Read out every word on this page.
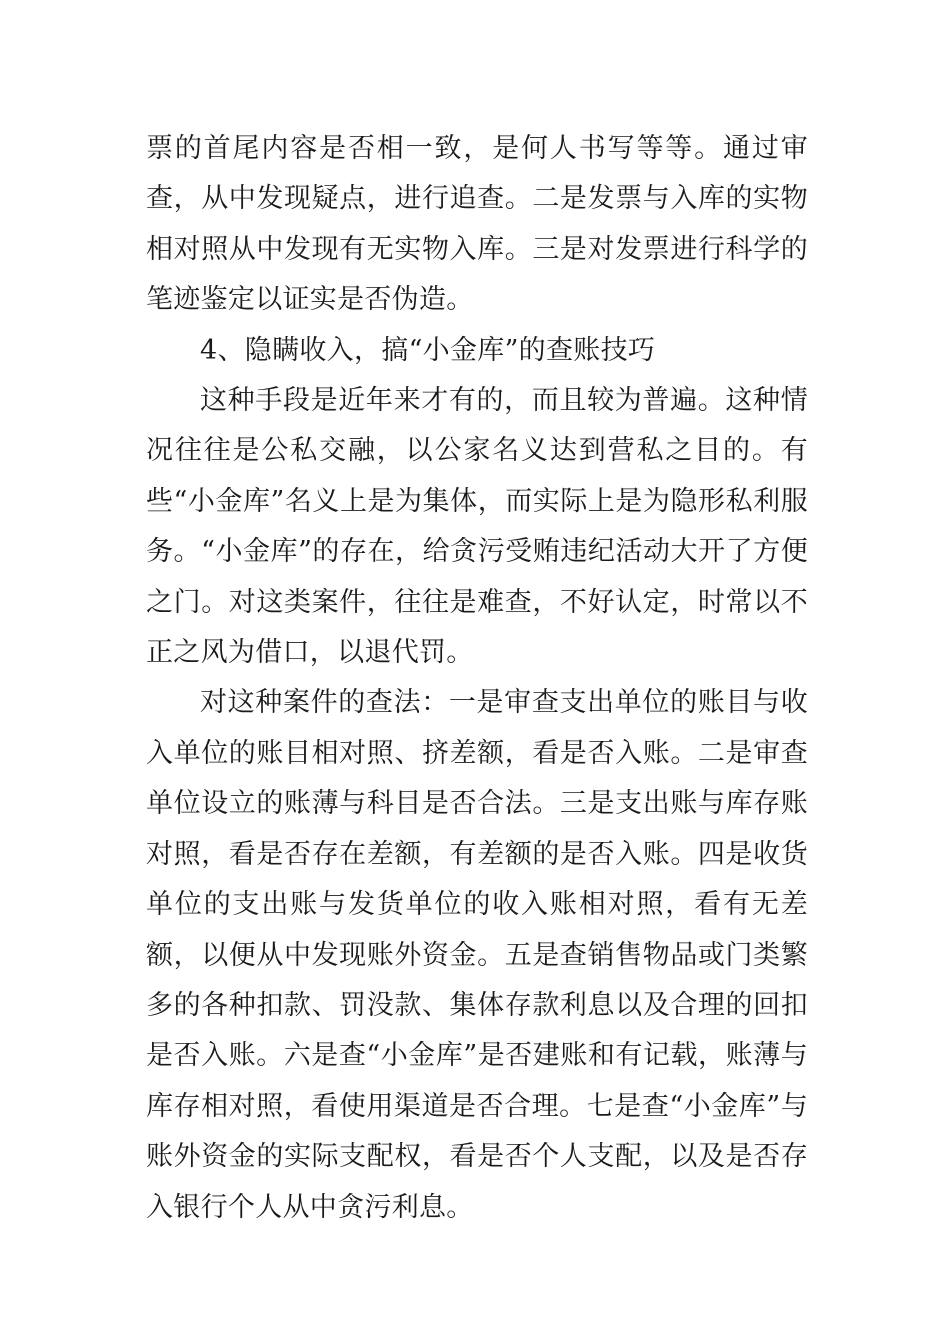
票的首尾内容是否相一致，是何人书写等等。通过审查，从中发现疑点，进行追查。二是发票与入库的实物相对照从中发现有无实物入库。三是对发票进行科学的笔迹鉴定以证实是否伪造。

4、隐瞒收入，搞“小金库”的查账技巧

这种手段是近年来才有的，而且较为普遍。这种情况往往是公私交融，以公家名义达到营私之目的。有些“小金库”名义上是为集体，而实际上是为隐形私利服务。“小金库”的存在，给贪污受贿违纪活动大开了方便之门。对这类案件，往往是难查，不好认定，时常以不正之风为借口，以退代罚。

对这种案件的查法：一是审查支出单位的账目与收入单位的账目相对照、挤差额，看是否入账。二是审查单位设立的账薄与科目是否合法。三是支出账与库存账对照，看是否存在差额，有差额的是否入账。四是收货单位的支出账与发货单位的收入账相对照，看有无差额，以便从中发现账外资金。五是查销售物品或门类繁多的各种扣款、罚没款、集体存款利息以及合理的回扣是否入账。六是查“小金库”是否建账和有记载，账薄与库存相对照，看使用渠道是否合理。七是查“小金库”与账外资金的实际支配权，看是否个人支配，以及是否存入银行个人从中贪污利息。
